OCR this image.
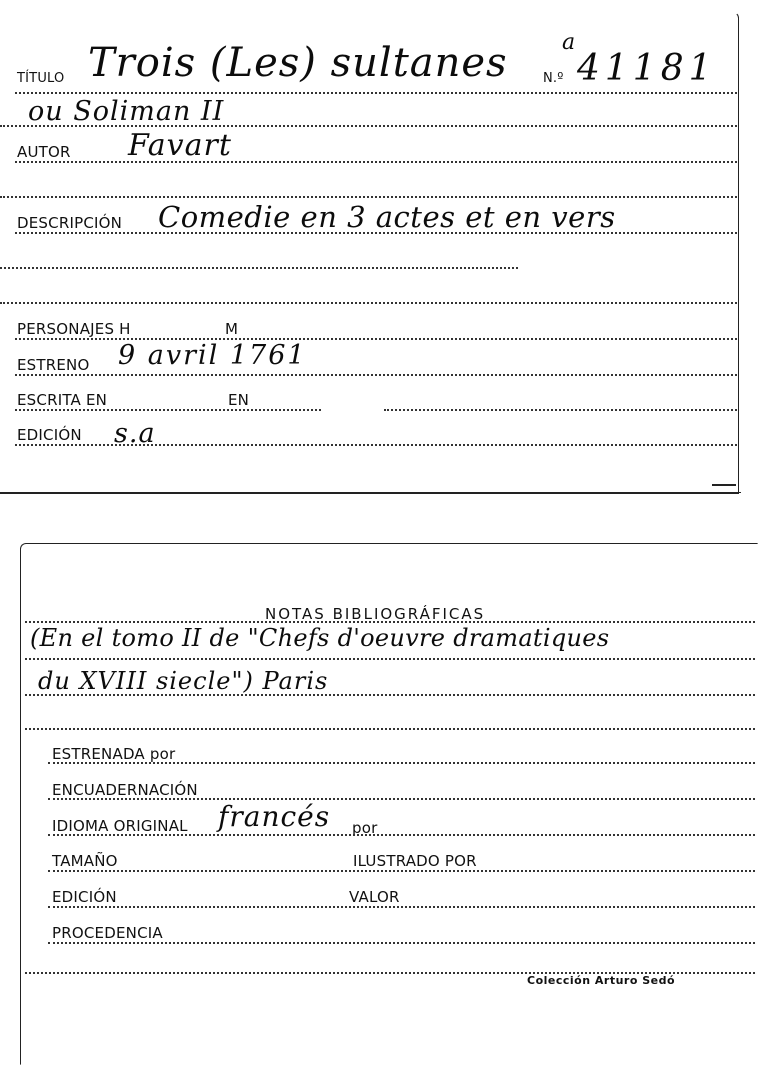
TÍTULO Trois (Les) sultanes	N.º
a
41181
ou Soliman II
AUTOR Favart
DESCRIPCIÓN Comedie en 3 actes et en vers
PERSONAJES H	M
ESTRENO 9 avril 1761
ESCRITA EN	EN
EDICIÓN s.a
NOTAS BIBLIOGRÁFICAS
(En el tomo II de "Chefs d'oeuvre dramatiques
du XVIII siecle") Paris
ESTRENADA por
ENCUADERNACIÓN
IDIOMA ORIGINAL francés por
TAMAÑO	ILUSTRADO POR
EDICIÓN	VALOR
PROCEDENCIA
Colección Arturo Sedó
